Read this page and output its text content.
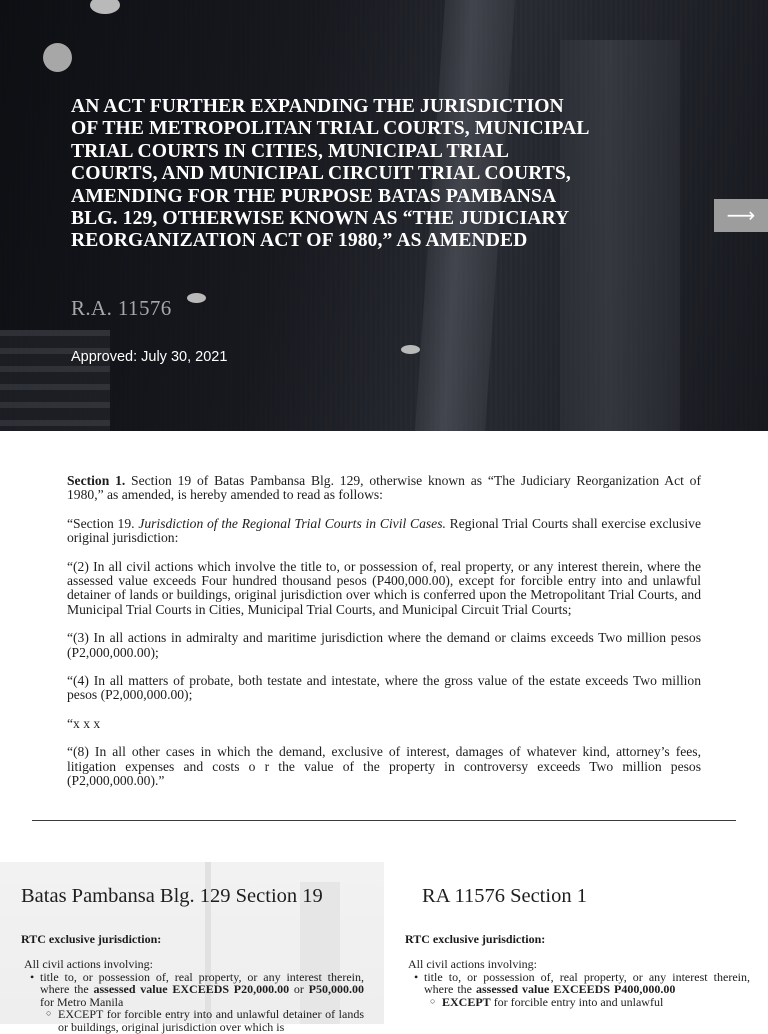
AN ACT FURTHER EXPANDING THE JURISDICTION OF THE METROPOLITAN TRIAL COURTS, MUNICIPAL TRIAL COURTS IN CITIES, MUNICIPAL TRIAL COURTS, AND MUNICIPAL CIRCUIT TRIAL COURTS, AMENDING FOR THE PURPOSE BATAS PAMBANSA BLG. 129, OTHERWISE KNOWN AS “THE JUDICIARY REORGANIZATION ACT OF 1980,” AS AMENDED
R.A. 11576
Approved: July 30, 2021
⟶

Section 1. Section 19 of Batas Pambansa Blg. 129, otherwise known as “The Judiciary Reorganization Act of 1980,” as amended, is hereby amended to read as follows:

“Section 19. Jurisdiction of the Regional Trial Courts in Civil Cases. Regional Trial Courts shall exercise exclusive original jurisdiction:

“(2) In all civil actions which involve the title to, or possession of, real property, or any interest therein, where the assessed value exceeds Four hundred thousand pesos (P400,000.00), except for forcible entry into and unlawful detainer of lands or buildings, original jurisdiction over which is conferred upon the Metropolitant Trial Courts, and Municipal Trial Courts in Cities, Municipal Trial Courts, and Municipal Circuit Trial Courts;

“(3) In all actions in admiralty and maritime jurisdiction where the demand or claims exceeds Two million pesos (P2,000,000.00);

“(4) In all matters of probate, both testate and intestate, where the gross value of the estate exceeds Two million pesos (P2,000,000.00);

“x x x

“(8) In all other cases in which the demand, exclusive of interest, damages of whatever kind, attorney’s fees, litigation expenses and costs o r the value of the property in controversy exceeds Two million pesos (P2,000,000.00).”

Batas Pambansa Blg. 129 Section 19
RTC exclusive jurisdiction:
All civil actions involving:
• title to, or possession of, real property, or any interest therein, where the assessed value EXCEEDS P20,000.00 or P50,000.00 for Metro Manila
○ EXCEPT for forcible entry into and unlawful detainer of lands or buildings, original jurisdiction over which is
RA 11576 Section 1
RTC exclusive jurisdiction:
All civil actions involving:
• title to, or possession of, real property, or any interest therein, where the assessed value EXCEEDS P400,000.00
○ EXCEPT for forcible entry into and unlawful
